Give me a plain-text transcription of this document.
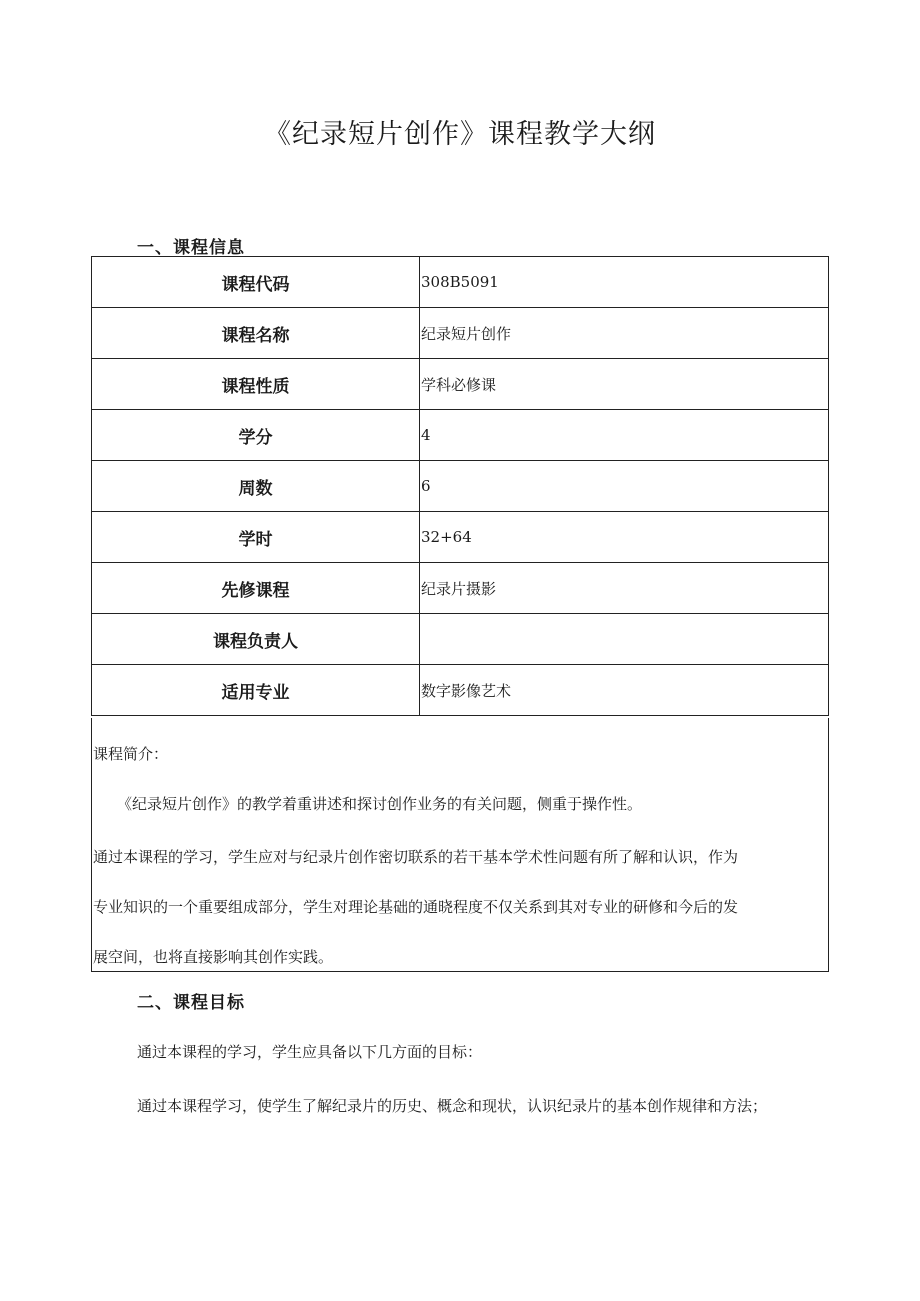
《纪录短片创作》课程教学大纲
一、课程信息
课程代码	308B5091
课程名称	纪录短片创作
课程性质	学科必修课
学分	4
周数	6
学时	32+64
先修课程	纪录片摄影
课程负责人	
适用专业	数字影像艺术
课程简介：
《纪录短片创作》的教学着重讲述和探讨创作业务的有关问题，侧重于操作性。
通过本课程的学习，学生应对与纪录片创作密切联系的若干基本学术性问题有所了解和认识，作为
专业知识的一个重要组成部分，学生对理论基础的通晓程度不仅关系到其对专业的研修和今后的发
展空间，也将直接影响其创作实践。
二、课程目标
通过本课程的学习，学生应具备以下几方面的目标：
通过本课程学习，使学生了解纪录片的历史、概念和现状，认识纪录片的基本创作规律和方法；
